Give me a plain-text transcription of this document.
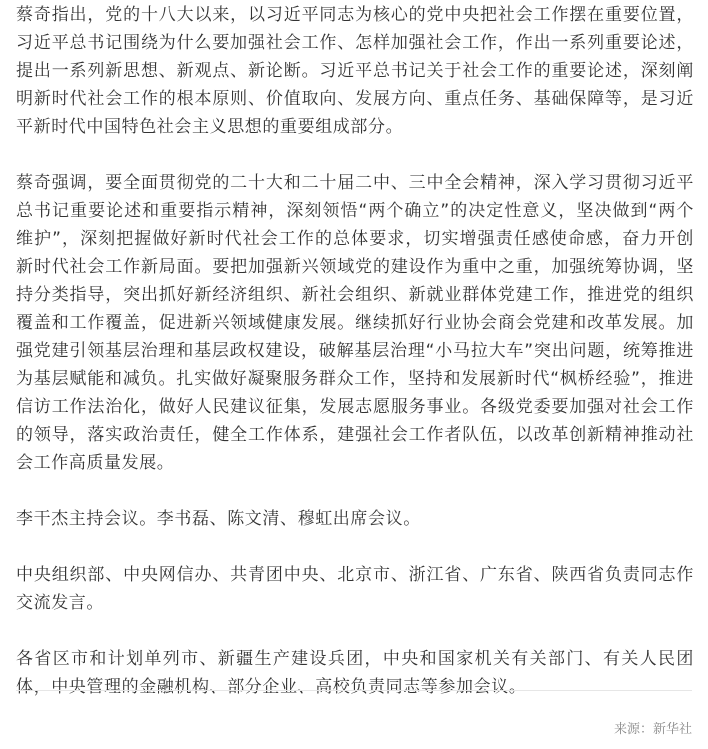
蔡奇指出，党的十八大以来，以习近平同志为核心的党中央把社会工作摆在重要位置，习近平总书记围绕为什么要加强社会工作、怎样加强社会工作，作出一系列重要论述，提出一系列新思想、新观点、新论断。习近平总书记关于社会工作的重要论述，深刻阐明新时代社会工作的根本原则、价值取向、发展方向、重点任务、基础保障等，是习近平新时代中国特色社会主义思想的重要组成部分。

蔡奇强调，要全面贯彻党的二十大和二十届二中、三中全会精神，深入学习贯彻习近平总书记重要论述和重要指示精神，深刻领悟“两个确立”的决定性意义，坚决做到“两个维护”，深刻把握做好新时代社会工作的总体要求，切实增强责任感使命感，奋力开创新时代社会工作新局面。要把加强新兴领域党的建设作为重中之重，加强统筹协调，坚持分类指导，突出抓好新经济组织、新社会组织、新就业群体党建工作，推进党的组织覆盖和工作覆盖，促进新兴领域健康发展。继续抓好行业协会商会党建和改革发展。加强党建引领基层治理和基层政权建设，破解基层治理“小马拉大车”突出问题，统筹推进为基层赋能和减负。扎实做好凝聚服务群众工作，坚持和发展新时代“枫桥经验”，推进信访工作法治化，做好人民建议征集，发展志愿服务事业。各级党委要加强对社会工作的领导，落实政治责任，健全工作体系，建强社会工作者队伍，以改革创新精神推动社会工作高质量发展。

李干杰主持会议。李书磊、陈文清、穆虹出席会议。

中央组织部、中央网信办、共青团中央、北京市、浙江省、广东省、陕西省负责同志作交流发言。

各省区市和计划单列市、新疆生产建设兵团，中央和国家机关有关部门、有关人民团体，中央管理的金融机构、部分企业、高校负责同志等参加会议。

来源：新华社
